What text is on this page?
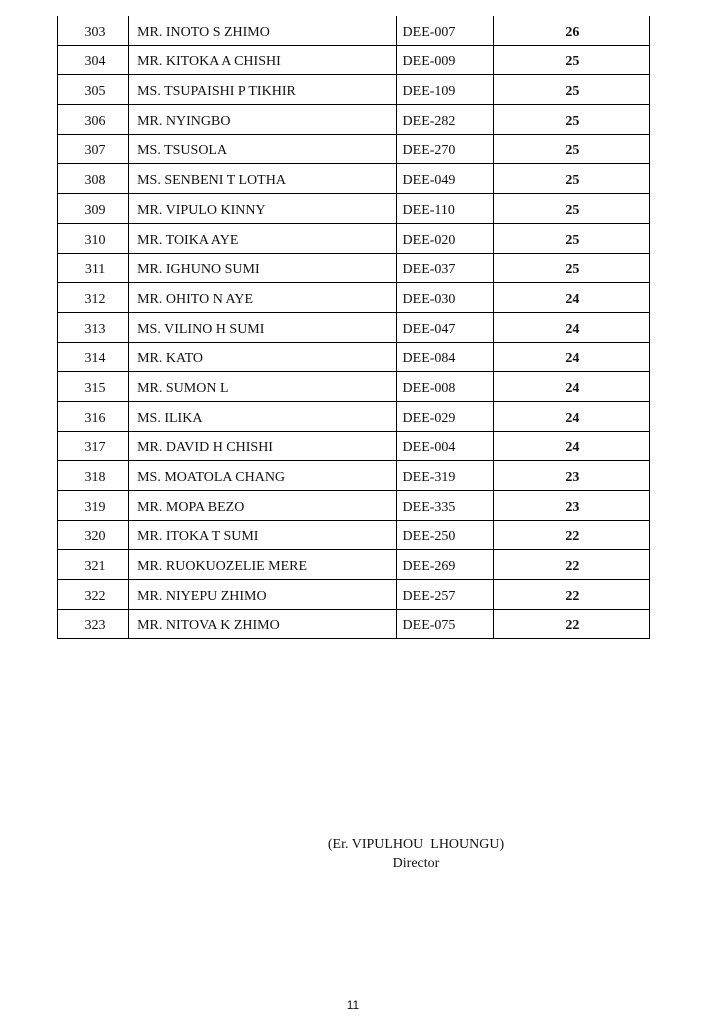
303	MR. INOTO S ZHIMO	DEE-007	26

304	MR. KITOKA A CHISHI	DEE-009	25

305	MS. TSUPAISHI P TIKHIR	DEE-109	25

306	MR. NYINGBO	DEE-282	25

307	MS. TSUSOLA	DEE-270	25

308	MS. SENBENI T LOTHA	DEE-049	25

309	MR. VIPULO KINNY	DEE-110	25

310	MR. TOIKA AYE	DEE-020	25

311	MR. IGHUNO SUMI	DEE-037	25

312	MR. OHITO N AYE	DEE-030	24

313	MS. VILINO H SUMI	DEE-047	24

314	MR. KATO	DEE-084	24

315	MR. SUMON L	DEE-008	24

316	MS. ILIKA	DEE-029	24

317	MR. DAVID H CHISHI	DEE-004	24

318	MS. MOATOLA CHANG	DEE-319	23

319	MR. MOPA BEZO	DEE-335	23

320	MR. ITOKA T SUMI	DEE-250	22

321	MR. RUOKUOZELIE MERE	DEE-269	22

322	MR. NIYEPU ZHIMO	DEE-257	22

323	MR. NITOVA K ZHIMO	DEE-075	22
(Er. VIPULHOU  LHOUNGU)
Director
11
